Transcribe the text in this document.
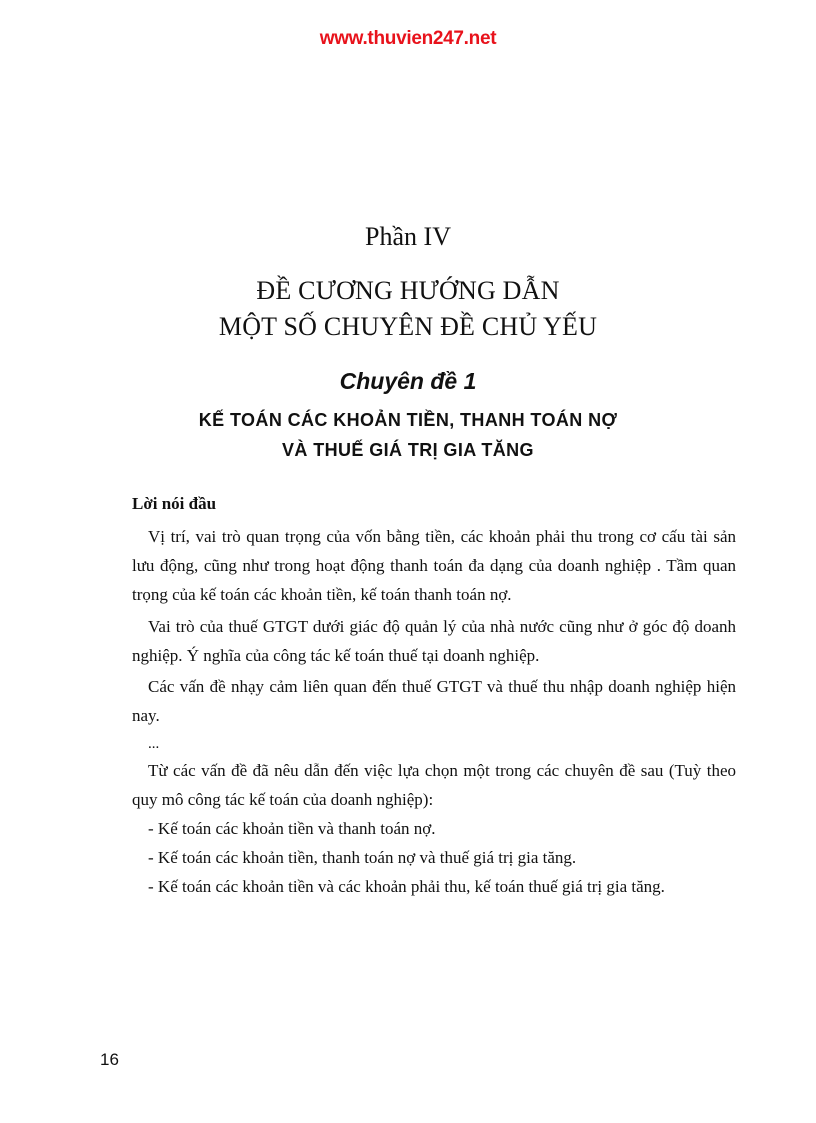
www.thuvien247.net
Phần IV
ĐỀ CƯƠNG HƯỚNG DẪN
MỘT SỐ CHUYÊN ĐỀ CHỦ YẾU
Chuyên đề 1
KẾ TOÁN CÁC KHOẢN TIỀN, THANH TOÁN NỢ
VÀ THUẾ GIÁ TRỊ GIA TĂNG
Lời nói đầu
Vị trí, vai trò quan trọng của vốn bằng tiền, các khoản phải thu trong cơ cấu tài sản lưu động, cũng như trong hoạt động thanh toán đa dạng của doanh nghiệp . Tầm quan trọng của kế toán các khoản tiền, kế toán thanh toán nợ.
Vai trò của thuế GTGT dưới giác độ quản lý của nhà nước cũng như ở góc độ doanh nghiệp. Ý nghĩa của công tác kế toán thuế tại doanh nghiệp.
Các vấn đề nhạy cảm liên quan đến thuế GTGT và thuế thu nhập doanh nghiệp hiện nay.
...
Từ các vấn đề đã nêu dẫn đến việc lựa chọn một trong các chuyên đề sau (Tuỳ theo quy mô công tác kế toán của doanh nghiệp):
- Kế toán các khoản tiền và thanh toán nợ.
- Kế toán các khoản tiền, thanh toán nợ và thuế giá trị gia tăng.
- Kế toán các khoản tiền và các khoản phải thu, kế toán thuế giá trị gia tăng.
16
